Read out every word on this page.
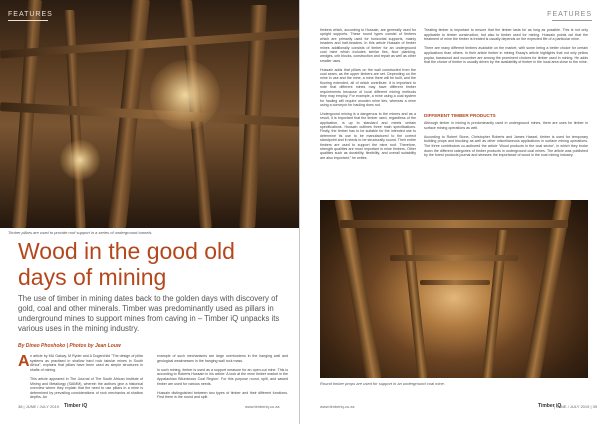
FEATURES
Timber pillars are used to provide roof support in a series of underground tunnels.
Wood in the good old days of mining

The use of timber in mining dates back to the golden days with discovery of gold, coal and other minerals. Timber was predominantly used as pillars in underground mines to support mines from caving in – Timber iQ unpacks its various uses in the mining industry.

By Dineo Phoshoko | Photos by Jean Louw
A n article by MU Gakwy, M Ryder and A Dogerchild "The design of pillar systems as practised in shallow hard rock tabular mines in South Africa", explains that pillars have been used as simple structures in shafts of mining.

This article appeared in The Journal of The South African Institute of Mining and Metallurgy (SAIMM), wherein the authors give a historical overview where they explain that the need to use pillars in a mine is determined by prevailing considerations of rock mechanics at shallow depths. An
example of such mechanisms are large overburdens in the hanging wall and geological weaknesses in the hanging wall rock mass.

In such mining, timber is used as a support measure for an open-cut mine. This is according to Roberts Hussain in his article 'A look at the mine timber market in the Appalachian Bituminous Coal Region'. For this purpose round, split, and sawed timber are used for various needs.

Hussain distinguished between two types of timber and their different functions. First there is the round and split
38 | JUNE / JULY 2019 Timber iQ	www.timberiq.co.za
FEATURES
timbers which, according to Hussain, are generally used for upright supports. These round types consist of timbers which are primarily used for horizontal supports, mainly headers and half-headers. In this article Hussain of timber mines additionally consists of timber for an underground coal mine which includes similar ties, floor planking, wedges, crib blocks, construction and repair as well as other smaller uses.

Hussain adds that pillars on the wall constructed from the coal seam, as the upper timbers are set. Depending on the mine in use and the mine, a mine there will be built, and the flooring extended, all of which contribute. It is important to note that different mines may have different timber requirements because of local different mining methods they may employ. For example, a mine using a coal system for hauling will require wooden mine ties, whereas a mine using a conveyor for hauling does not.

Undergound mining is a dangerous to the miners and as a result, it is important that the timber used, regardless of the application, is up to standard and meets certain specifications. Hussain outlines three main specifications. Firstly, the timber has to be suitable for the intended use to determine its use to be manufactured to the correct standpoint and it needs to be structurally sound. Their entire timbers are used to support the mine roof. Therefore, strength qualities are most important in mine timbers. Other qualities such as durability, flexibility, and overall suitability are also important," he writes.
Treating timber is important to ensure that the timber lasts for as long as possible. This is not only applicable to timber construction, but also to timber used for mining. Hussain points out that the treatment of mine the timber is treated is usually depends on the expected life of a particular mine.

There are many different timbers available on the market, with some being a better choice for certain applications than others. In their article timber in mining Essay's article highlights that not only yellow poplar, basswood and cucumber are among the prominent choices for timber used in mining. He adds that the choice of timber is usually driven by the availability of timber in the local area close to the mine.
DIFFERENT TIMBER PRODUCTS
Although timber in mining is predominantly used in underground mines, there are uses for timber in surface mining operations as well.

According to Robert Stone, Christopher Roberts and James Hassel, timber is used for temporary building props and blocking as well as other miscellaneous applications in surface mining operations. The three contributors co-authored the article 'Wood products in the coal sector', in which they broke down the different categories of timber products in underground coal mines. The article was published by the forest products journal and stresses the importance of wood in the coal mining industry.
Round timber props are used for support in an underground coal mine.
www.timberiq.co.za	Timber iQ
| JUNE / JULY 2019 | 39
